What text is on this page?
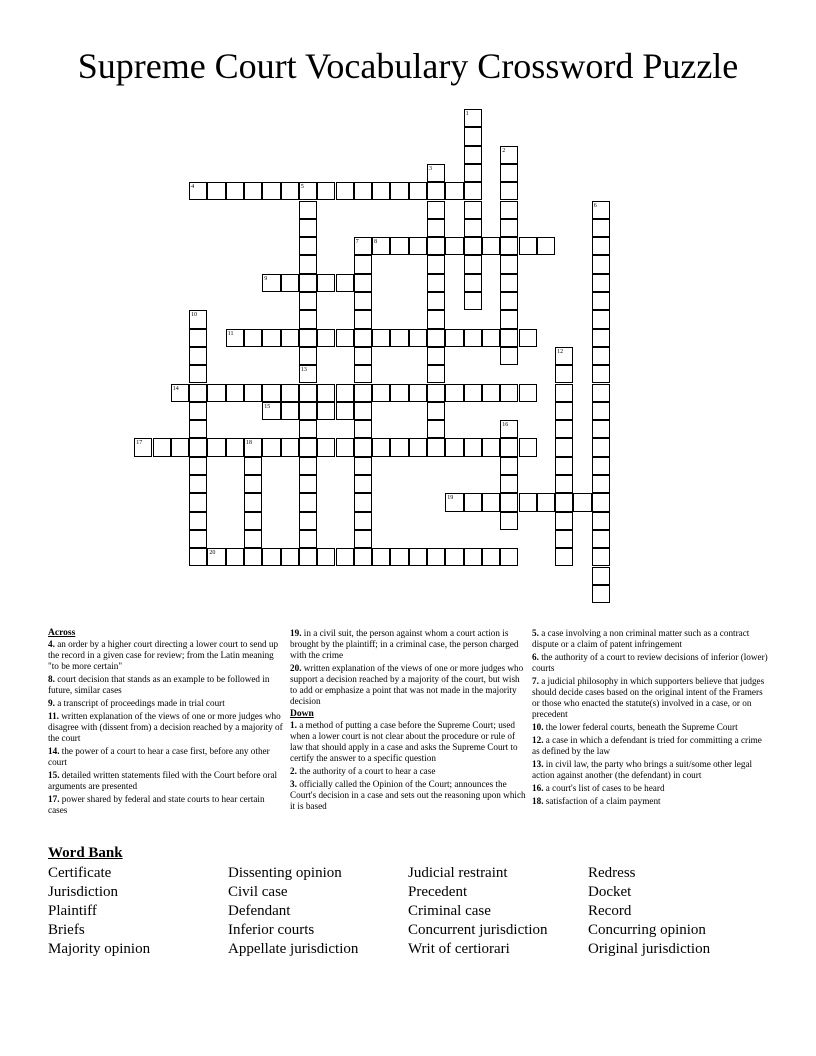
Supreme Court Vocabulary Crossword Puzzle
4	5
8
9
11
14
15
17	18
19
20
1
2
3
13
6
7
10
12
16
Across
4. an order by a higher court directing a lower court to send up the record in a given case for review; from the Latin meaning "to be more certain"
8. court decision that stands as an example to be followed in future, similar cases
9. a transcript of proceedings made in trial court
11. written explanation of the views of one or more judges who disagree with (dissent from) a decision reached by a majority of the court
14. the power of a court to hear a case first, before any other court
15. detailed written statements filed with the Court before oral arguments are presented
17. power shared by federal and state courts to hear certain cases
19. in a civil suit, the person against whom a court action is brought by the plaintiff; in a criminal case, the person charged with the crime
20. written explanation of the views of one or more judges who support a decision reached by a majority of the court, but wish to add or emphasize a point that was not made in the majority decision
Down
1. a method of putting a case before the Supreme Court; used when a lower court is not clear about the procedure or rule of law that should apply in a case and asks the Supreme Court to certify the answer to a specific question
2. the authority of a court to hear a case
3. officially called the Opinion of the Court; announces the Court's decision in a case and sets out the reasoning upon which it is based
5. a case involving a non criminal matter such as a contract dispute or a claim of patent infringement
6. the authority of a court to review decisions of inferior (lower) courts
7. a judicial philosophy in which supporters believe that judges should decide cases based on the original intent of the Framers or those who enacted the statute(s) involved in a case, or on precedent
10. the lower federal courts, beneath the Supreme Court
12. a case in which a defendant is tried for committing a crime as defined by the law
13. in civil law, the party who brings a suit/some other legal action against another (the defendant) in court
16. a court's list of cases to be heard
18. satisfaction of a claim payment
Word Bank
Certificate
Jurisdiction
Plaintiff
Briefs
Majority opinion
Dissenting opinion
Civil case
Defendant
Inferior courts
Appellate jurisdiction
Judicial restraint
Precedent
Criminal case
Concurrent jurisdiction
Writ of certiorari
Redress
Docket
Record
Concurring opinion
Original jurisdiction
